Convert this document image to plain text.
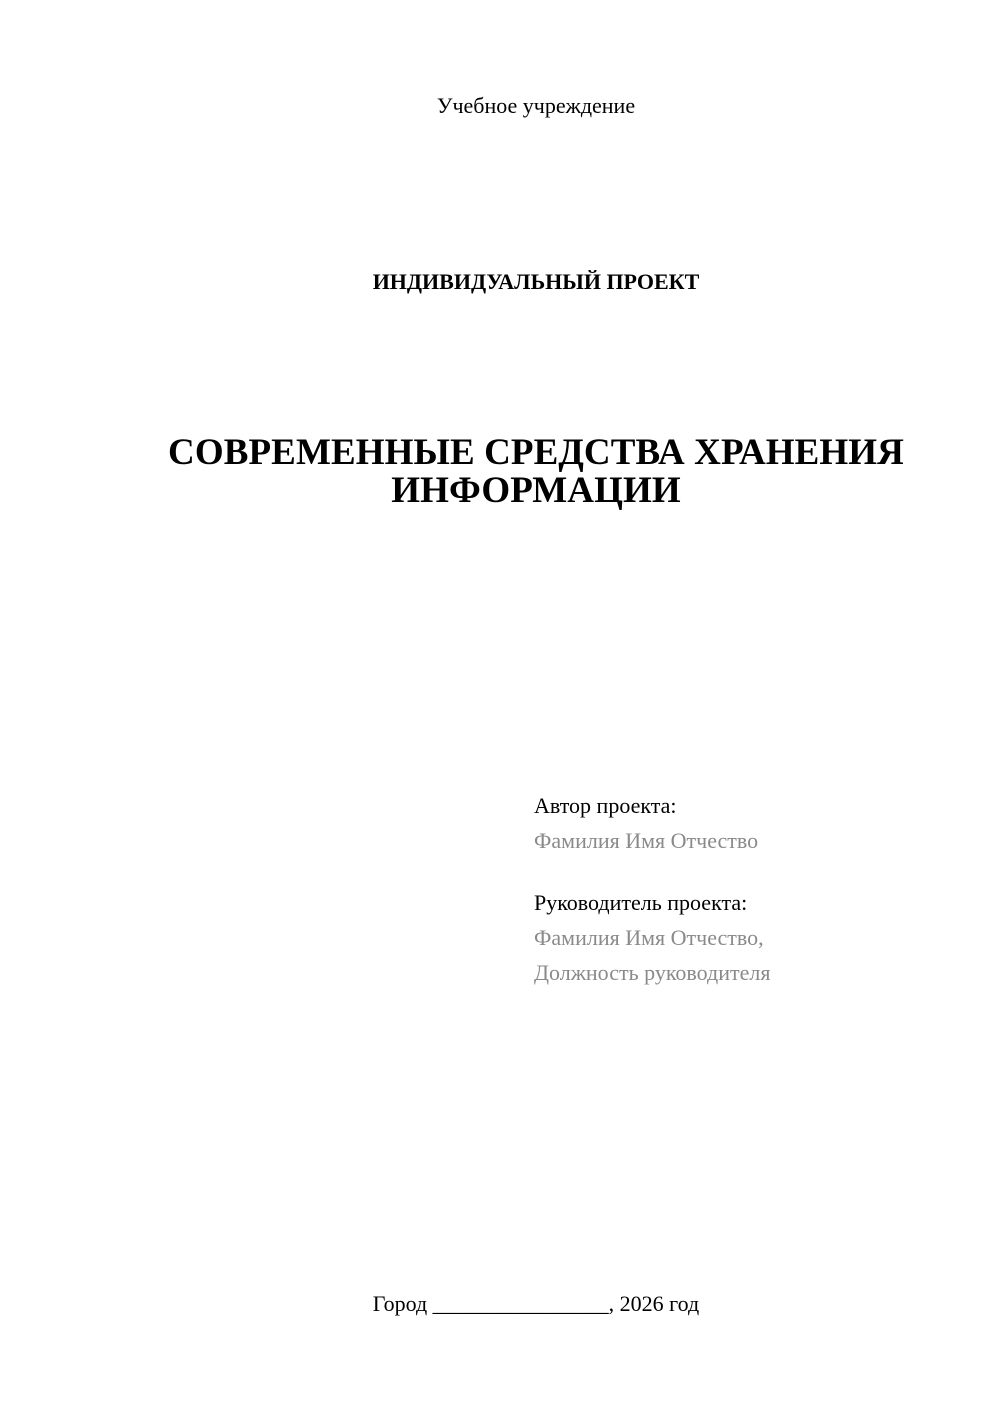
Учебное учреждение
ИНДИВИДУАЛЬНЫЙ ПРОЕКТ
СОВРЕМЕННЫЕ СРЕДСТВА ХРАНЕНИЯ
ИНФОРМАЦИИ
Автор проекта:
Фамилия Имя Отчество
Руководитель проекта:
Фамилия Имя Отчество,
Должность руководителя
Город ________________, 2026 год
